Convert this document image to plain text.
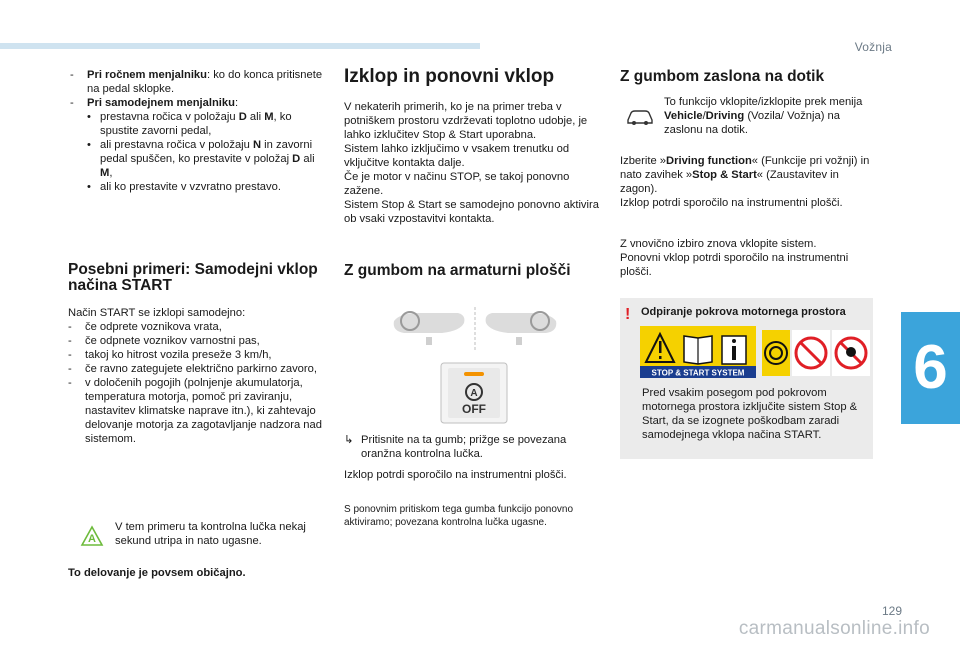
Vožnja
6
- Pri ročnem menjalniku: ko do konca pritisnete na pedal sklopke.
- Pri samodejnem menjalniku:
• prestavna ročica v položaju D ali M, ko spustite zavorni pedal,
• ali prestavna ročica v položaju N in zavorni pedal spuščen, ko prestavite v položaj D ali M,
• ali ko prestavite v vzvratno prestavo.
Posebni primeri: Samodejni vklop načina START

Način START se izklopi samodejno:

- če odprete voznikova vrata,
- če odpnete voznikov varnostni pas,
- takoj ko hitrost vozila preseže 3 km/h,
- če ravno zategujete električno parkirno zavoro,
- v določenih pogojih (polnjenje akumulatorja, temperatura motorja, pomoč pri zaviranju, nastavitev klimatske naprave itn.), ki zahtevajo delovanje motorja za zagotavljanje nadzora nad sistemom.
A
V tem primeru ta kontrolna lučka nekaj sekund utripa in nato ugasne.
To delovanje je povsem običajno.
Izklop in ponovni vklop

V nekaterih primerih, ko je na primer treba v potniškem prostoru vzdrževati toplotno udobje, je lahko izklučitev Stop & Start uporabna.

Sistem lahko izključimo v vsakem trenutku od vključitve kontakta dalje.

Če je motor v načinu STOP, se takoj ponovno zažene.

Sistem Stop & Start se samodejno ponovno aktivira ob vsaki vzpostavitvi kontakta.

Z gumbom na armaturni plošči
A
OFF
↳ Pritisnite na ta gumb; prižge se povezana oranžna kontrolna lučka.
Izklop potrdi sporočilo na instrumentni plošči.
S ponovnim pritiskom tega gumba funkcijo ponovno aktiviramo; povezana kontrolna lučka ugasne.
Z gumbom zaslona na dotik
To funkcijo vklopite/izklopite prek menija Vehicle/Driving (Vozila/ Vožnja) na zaslonu na dotik.

Izberite »Driving function« (Funkcije pri vožnji) in nato zavihek »Stop & Start« (Zaustavitev in zagon).

Izklop potrdi sporočilo na instrumentni plošči.

Z vnovično izbiro znova vklopite sistem.

Ponovni vklop potrdi sporočilo na instrumentni plošči.

! Odpiranje pokrova motornega prostora
STOP & START SYSTEM
Pred vsakim posegom pod pokrovom motornega prostora izključite sistem Stop & Start, da se izognete poškodbam zaradi samodejnega vklopa načina START.
129
carmanualsonline.info
